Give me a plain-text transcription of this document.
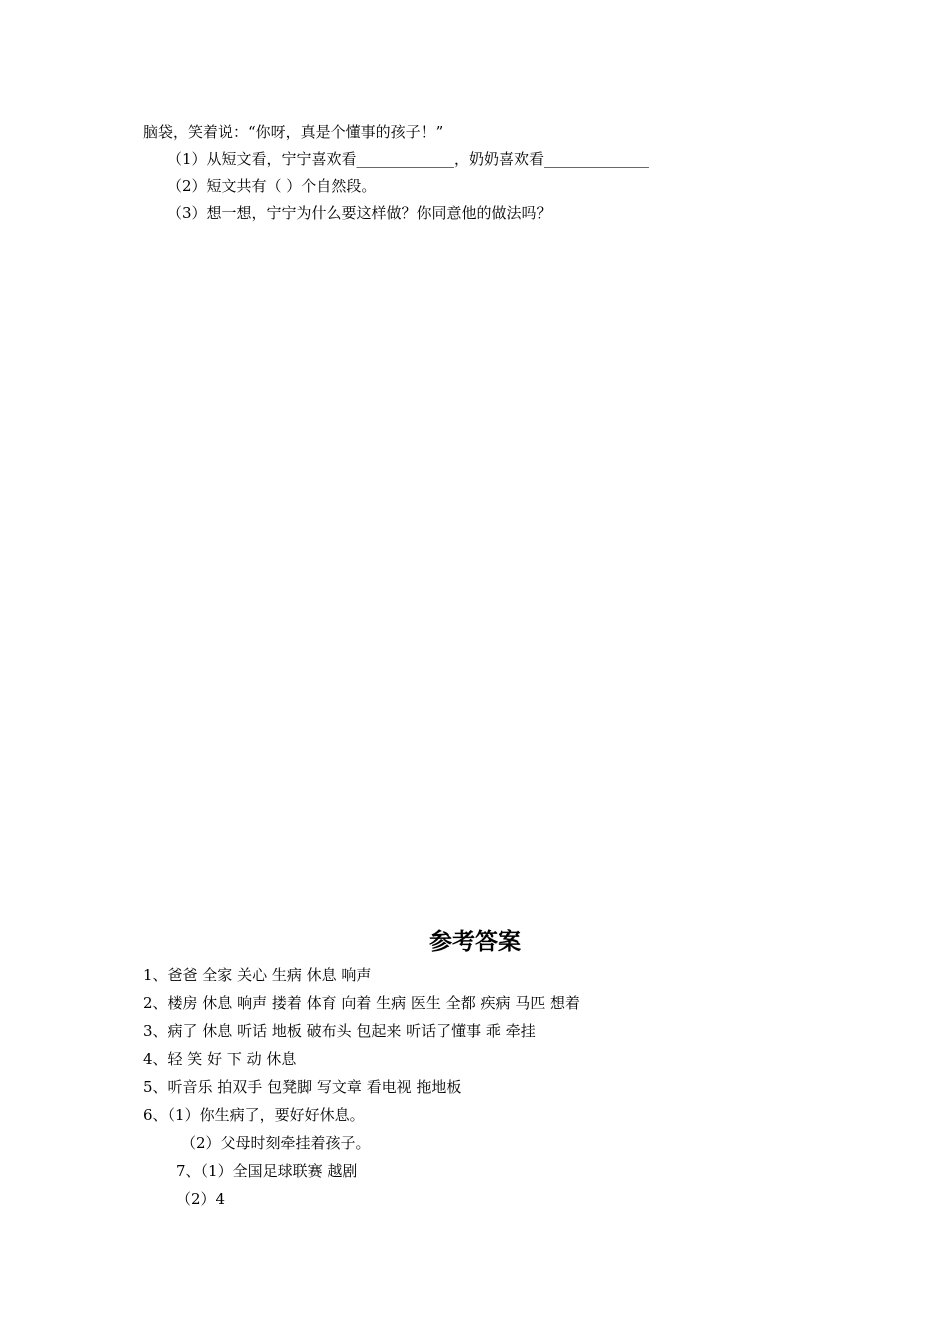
脑袋，笑着说：“你呀，真是个懂事的孩子！”
（1）从短文看，宁宁喜欢看_____________，奶奶喜欢看______________
（2）短文共有（ ）个自然段。
（3）想一想，宁宁为什么要这样做？你同意他的做法吗？
参考答案
1、爸爸 全家 关心 生病 休息 响声
2、楼房 休息 响声 搂着 体育 向着 生病 医生 全都 疾病 马匹 想着
3、病了 休息 听话 地板 破布头 包起来 听话了懂事 乖 牵挂
4、轻 笑 好 下 动 休息
5、听音乐 拍双手 包凳脚 写文章 看电视 拖地板
6、（1）你生病了，要好好休息。
（2）父母时刻牵挂着孩子。
7、（1）全国足球联赛 越剧
（2）4
